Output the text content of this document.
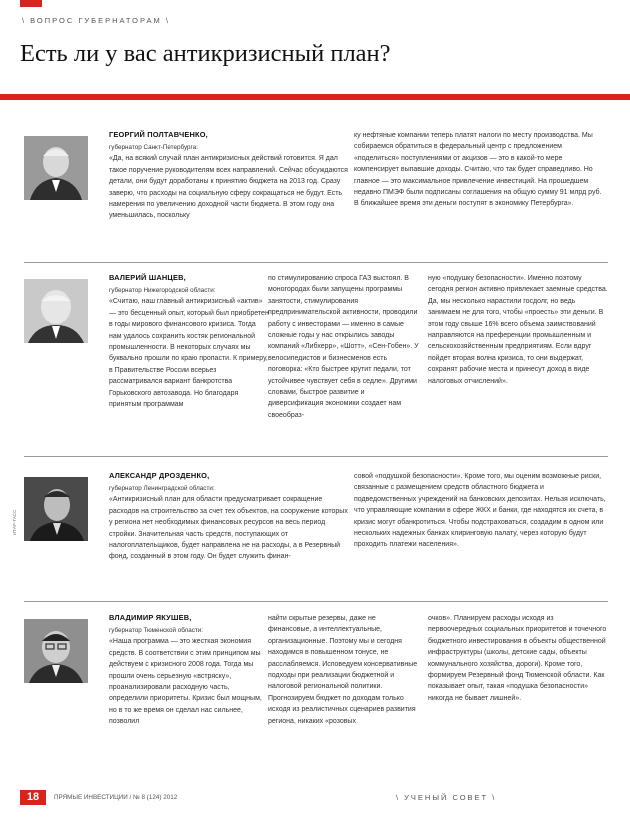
\ ВОПРОС ГУБЕРНАТОРАМ \
Есть ли у вас антикризисный план?
ГЕОРГИЙ ПОЛТАВЧЕНКО,
губернатор Санкт-Петербурга:

«Да, на всякий случай план антикризисных действий готовится. Я дал такое поручение руководителям всех направлений. Сейчас обсуждаются детали, они будут доработаны к принятию бюджета на 2013 год. Сразу заверю, что расходы на социальную сферу сокращаться не будут. Есть намерения по увеличению доходной части бюджета. В этом году она уменьшилась, поскольку

ку нефтяные компании теперь платят налоги по месту производства. Мы собираемся обратиться в федеральный центр с предложением «поделиться» поступлениями от акцизов — это в какой-то мере компенсирует выпавшие доходы. Считаю, что так будет справедливо. Но главное — это максимальное привлечение инвестиций. На прошедшем недавно ПМЭФ были подписаны соглашения на общую сумму 91 млрд руб. В ближайшее время эти деньги поступят в экономику Петербурга».

ВАЛЕРИЙ ШАНЦЕВ,
губернатор Нижегородской области:

«Считаю, наш главный антикризисный «актив» — это бесценный опыт, который был приобретен в годы мирового финансового кризиса. Тогда нам удалось сохранить костяк региональной промышленности. В некоторых случаях мы буквально прошли по краю пропасти. К примеру, в Правительстве России всерьез рассматривался вариант банкротства Горьковского автозавода. Но благодаря принятым программам

по стимулированию спроса ГАЗ выстоял. В моногородах были запущены программы занятости, стимулирования предпринимательской активности, проводили работу с инвесторами — именно в самые сложные годы у нас открылись заводы компаний «Либхерр», «Шотт», «Сен-Гобен». У велосипедистов и бизнесменов есть поговорка: «Кто быстрее крутит педали, тот устойчивее чувствует себя в седле». Другими словами, быстрое развитие и диверсификация экономики создает нам своеобраз-

ную «подушку безопасности». Именно поэтому сегодня регион активно привлекает заемные средства. Да, мы несколько нарастили госдолг, но ведь занимаем не для того, чтобы «проесть» эти деньги. В этом году свыше 16% всего объема заимствований направляются на преференции промышленным и сельскохозяйственным предприятиям. Если вдруг пойдет вторая волна кризиса, то они выдержат, сохранят рабочие места и принесут доход в виде налоговых отчислений».

ИТАР-ТАСС
АЛЕКСАНДР ДРОЗДЕНКО,
губернатор Ленинградской области:

«Антикризисный план для области предусматривает сокращение расходов на строительство за счет тех объектов, на сооружение которых у региона нет необходимых финансовых ресурсов на весь период стройки. Значительная часть средств, поступающих от налогоплательщиков, будет направлена не на расходы, а в Резервный фонд, созданный в этом году. Он будет служить финан-

совой «подушкой безопасности». Кроме того, мы оценим возможные риски, связанные с размещением средств областного бюджета и подведомственных учреждений на банковских депозитах. Нельзя исключать, что управляющие компании в сфере ЖКХ и банки, где находятся их счета, в кризис могут обанкротиться. Чтобы подстраховаться, создадим в одном или нескольких надежных банках клиринговую палату, через которую будут проходить платежи населения».

ВЛАДИМИР ЯКУШЕВ,
губернатор Тюменской области:

«Наша программа — это жесткая экономия средств. В соответствии с этим принципом мы действуем с кризисного 2008 года. Тогда мы прошли очень серьезную «встряску», проанализировали расходную часть, определили приоритеты. Кризис был мощным, но в то же время он сделал нас сильнее, позволил

найти скрытые резервы, даже не финансовые, а интеллектуальные, организационные. Поэтому мы и сегодня находимся в повышенном тонусе, не расслабляемся. Исповедуем консервативные подходы при реализации бюджетной и налоговой региональной политики. Прогнозируем бюджет по доходам только исходя из реалистичных сценариев развития региона, никаких «розовых

очков». Планируем расходы исходя из первоочередных социальных приоритетов и точечного бюджетного инвестирования в объекты общественной инфраструктуры (школы, детские сады, объекты коммунального хозяйства, дороги). Кроме того, формируем Резервный фонд Тюменской области. Как показывает опыт, такая «подушка безопасности» никогда не бывает лишней».

18	ПРЯМЫЕ ИНВЕСТИЦИИ / № 8 (124) 2012	\ УЧЕНЫЙ СОВЕТ \
